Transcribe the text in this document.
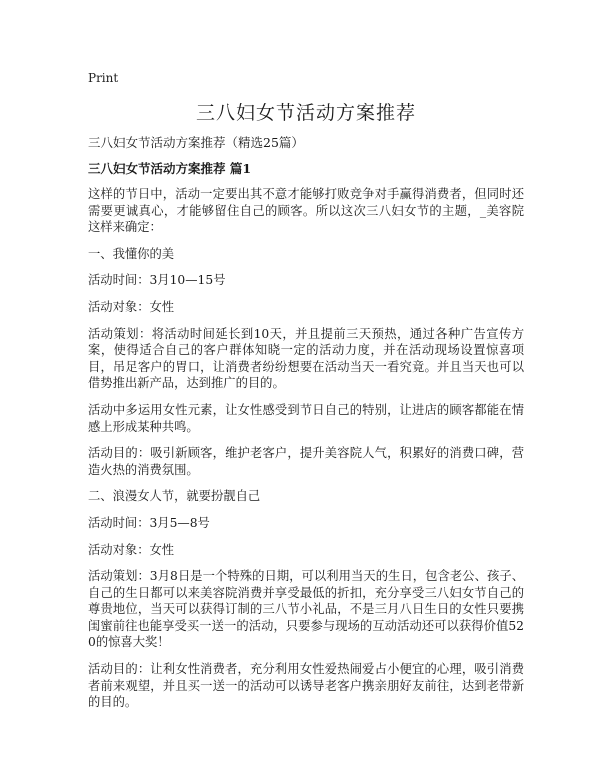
Print
三八妇女节活动方案推荐

三八妇女节活动方案推荐（精选25篇）

三八妇女节活动方案推荐 篇1

这样的节日中，活动一定要出其不意才能够打败竞争对手赢得消费者，但同时还需要更诚真心，才能够留住自己的顾客。所以这次三八妇女节的主题，_美容院这样来确定：

一、我懂你的美

活动时间：3月10—15号

活动对象：女性

活动策划：将活动时间延长到10天，并且提前三天预热，通过各种广告宣传方案，使得适合自己的客户群体知晓一定的活动力度，并在活动现场设置惊喜项目，吊足客户的胃口，让消费者纷纷想要在活动当天一看究竟。并且当天也可以借势推出新产品，达到推广的目的。

活动中多运用女性元素，让女性感受到节日自己的特别，让进店的顾客都能在情感上形成某种共鸣。

活动目的：吸引新顾客，维护老客户，提升美容院人气，积累好的消费口碑，营造火热的消费氛围。

二、浪漫女人节，就要扮靓自己

活动时间：3月5—8号

活动对象：女性

活动策划：3月8日是一个特殊的日期，可以利用当天的生日，包含老公、孩子、自己的生日都可以来美容院消费并享受最低的折扣，充分享受三八妇女节自己的尊贵地位，当天可以获得订制的三八节小礼品，不是三月八日生日的女性只要携闺蜜前往也能享受买一送一的活动，只要参与现场的互动活动还可以获得价值520的惊喜大奖！

活动目的：让利女性消费者，充分利用女性爱热闹爱占小便宜的心理，吸引消费者前来观望，并且买一送一的活动可以诱导老客户携亲朋好友前往，达到老带新的目的。
